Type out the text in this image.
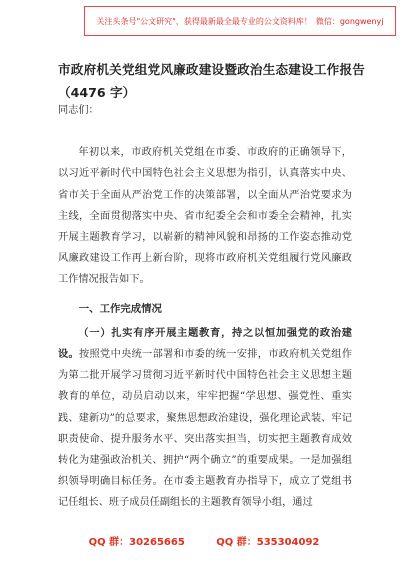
关注头条号"公文研究"，获得最新最全最专业的公文资料库！ 微信：gongwenyj
市政府机关党组党风廉政建设暨政治生态建设工作报告
（4476 字）

同志们：

年初以来，市政府机关党组在市委、市政府的正确领导下，以习近平新时代中国特色社会主义思想为指引，认真落实中央、省市关于全面从严治党工作的决策部署，以全面从严治党要求为主线，全面贯彻落实中央、省市纪委全会和市委全会精神，扎实开展主题教育学习，以崭新的精神风貌和昂扬的工作姿态推动党风廉政建设工作再上新台阶，现将市政府机关党组履行党风廉政工作情况报告如下。

一、工作完成情况

（一）扎实有序开展主题教育，持之以恒加强党的政治建设。按照党中央统一部署和市委的统一安排，市政府机关党组作为第二批开展学习贯彻习近平新时代中国特色社会主义思想主题教育的单位，动员启动以来，牢牢把握“学思想、强党性、重实践、建新功”的总要求，聚焦思想政治建设，强化理论武装、牢记职责使命、提升服务水平、突出落实担当，切实把主题教育成效转化为建强政治机关、拥护“两个确立”的重要成果。一是加强组织领导明确目标任务。在市委主题教育办指导下，成立了党组书记任组长、班子成员任副组长的主题教育领导小组，通过

QQ 群：30265665	QQ 群：535304092
